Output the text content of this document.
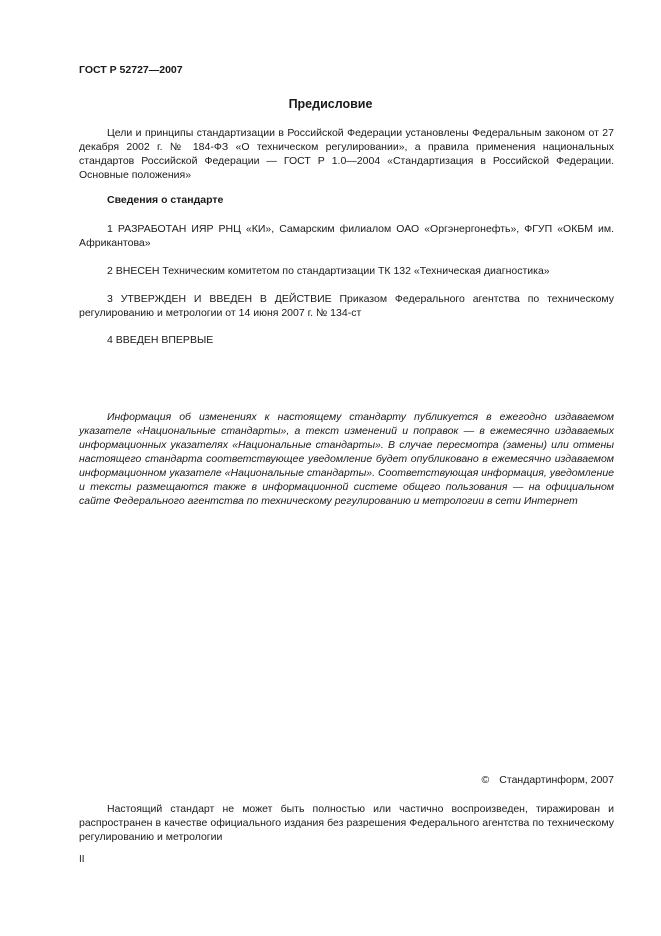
ГОСТ Р 52727—2007
Предисловие

Цели и принципы стандартизации в Российской Федерации установлены Федеральным законом от 27 декабря 2002 г. № 184-ФЗ «О техническом регулировании», а правила применения национальных стандартов Российской Федерации — ГОСТ Р 1.0—2004 «Стандартизация в Российской Федерации. Основные положения»

Сведения о стандарте

1 РАЗРАБОТАН ИЯР РНЦ «КИ», Самарским филиалом ОАО «Оргэнергонефть», ФГУП «ОКБМ им. Африкантова»

2 ВНЕСЕН Техническим комитетом по стандартизации ТК 132 «Техническая диагностика»

3 УТВЕРЖДЕН И ВВЕДЕН В ДЕЙСТВИЕ Приказом Федерального агентства по техническому регулированию и метрологии от 14 июня 2007 г. № 134-ст

4 ВВЕДЕН ВПЕРВЫЕ

Информация об изменениях к настоящему стандарту публикуется в ежегодно издаваемом указателе «Национальные стандарты», а текст изменений и поправок — в ежемесячно издаваемых информационных указателях «Национальные стандарты». В случае пересмотра (замены) или отмены настоящего стандарта соответствующее уведомление будет опубликовано в ежемесячно издаваемом информационном указателе «Национальные стандарты». Соответствующая информация, уведомление и тексты размещаются также в информационной системе общего пользования — на официальном сайте Федерального агентства по техническому регулированию и метрологии в сети Интернет

© Стандартинформ, 2007

Настоящий стандарт не может быть полностью или частично воспроизведен, тиражирован и распространен в качестве официального издания без разрешения Федерального агентства по техническому регулированию и метрологии

II
